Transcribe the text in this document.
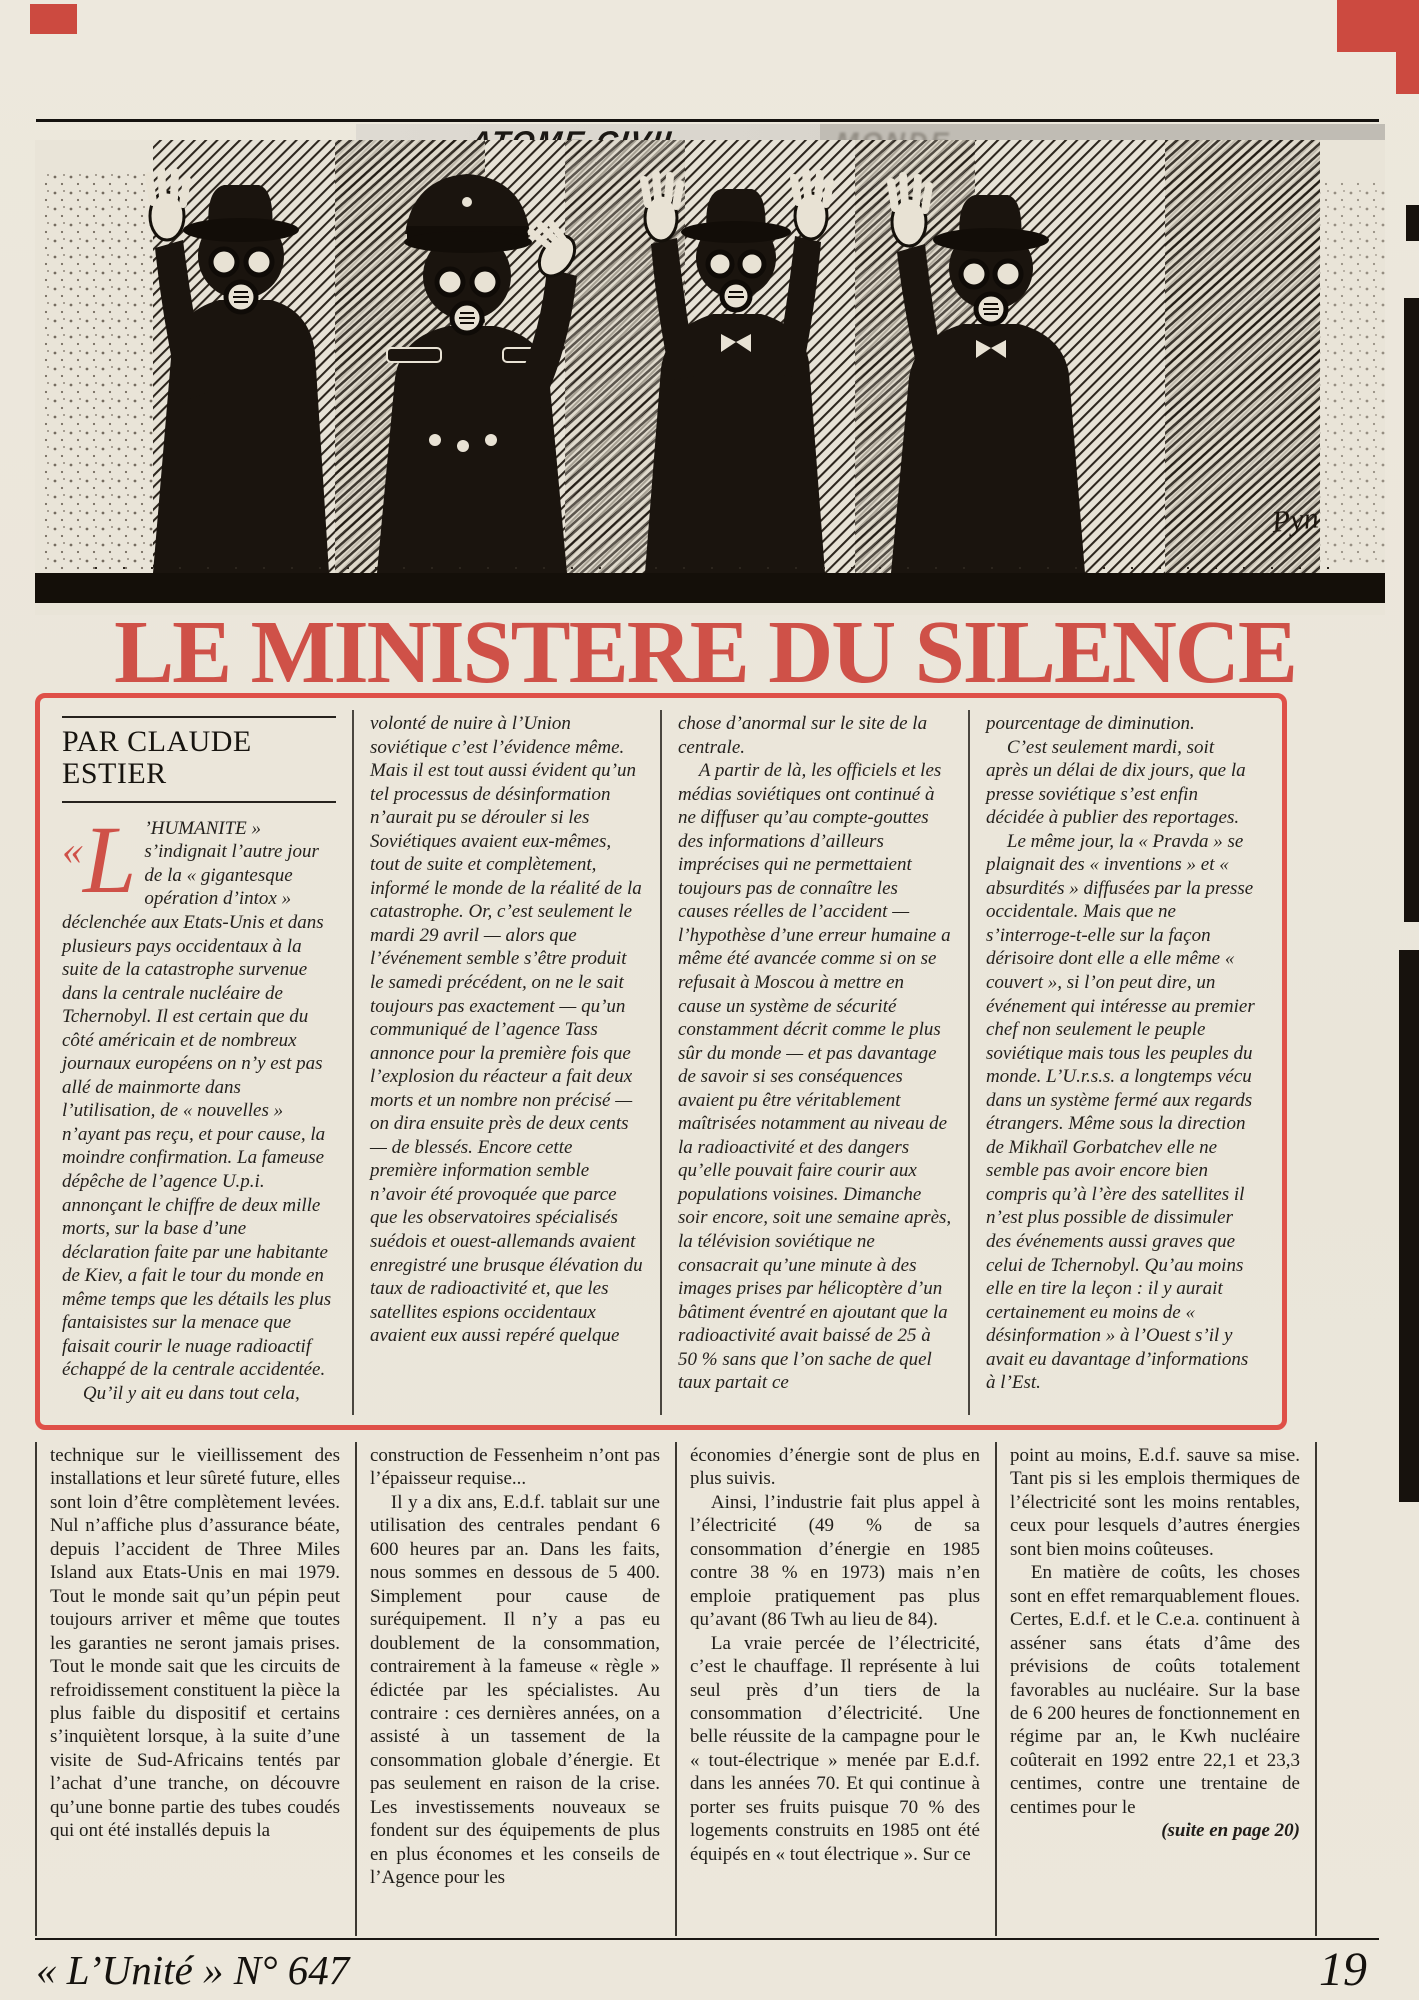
Pyn
LE MINISTERE DU SILENCE
PAR CLAUDE ESTIER

«L ’HUMANITE » s’indignait l’autre jour de la « gigantesque opération d’intox » déclenchée aux Etats-Unis et dans plusieurs pays occidentaux à la suite de la catastrophe survenue dans la centrale nucléaire de Tchernobyl. Il est certain que du côté américain et de nombreux journaux européens on n’y est pas allé de mainmorte dans l’utilisation, de « nouvelles » n’ayant pas reçu, et pour cause, la moindre confirmation. La fameuse dépêche de l’agence U.p.i. annonçant le chiffre de deux mille morts, sur la base d’une déclaration faite par une habitante de Kiev, a fait le tour du monde en même temps que les détails les plus fantaisistes sur la menace que faisait courir le nuage radioactif échappé de la centrale accidentée.

Qu’il y ait eu dans tout cela,

volonté de nuire à l’Union soviétique c’est l’évidence même. Mais il est tout aussi évident qu’un tel processus de désinformation n’aurait pu se dérouler si les Soviétiques avaient eux-mêmes, tout de suite et complètement, informé le monde de la réalité de la catastrophe. Or, c’est seulement le mardi 29 avril — alors que l’événement semble s’être produit le samedi précédent, on ne le sait toujours pas exactement — qu’un communiqué de l’agence Tass annonce pour la première fois que l’explosion du réacteur a fait deux morts et un nombre non précisé — on dira ensuite près de deux cents — de blessés. Encore cette première information semble n’avoir été provoquée que parce que les observatoires spécialisés suédois et ouest-allemands avaient enregistré une brusque élévation du taux de radioactivité et, que les satellites espions occidentaux avaient eux aussi repéré quelque

chose d’anormal sur le site de la centrale.

A partir de là, les officiels et les médias soviétiques ont continué à ne diffuser qu’au compte-gouttes des informations d’ailleurs imprécises qui ne permettaient toujours pas de connaître les causes réelles de l’accident — l’hypothèse d’une erreur humaine a même été avancée comme si on se refusait à Moscou à mettre en cause un système de sécurité constamment décrit comme le plus sûr du monde — et pas davantage de savoir si ses conséquences avaient pu être véritablement maîtrisées notamment au niveau de la radioactivité et des dangers qu’elle pouvait faire courir aux populations voisines. Dimanche soir encore, soit une semaine après, la télévision soviétique ne consacrait qu’une minute à des images prises par hélicoptère d’un bâtiment éventré en ajoutant que la radioactivité avait baissé de 25 à 50 % sans que l’on sache de quel taux partait ce

pourcentage de diminution.

C’est seulement mardi, soit après un délai de dix jours, que la presse soviétique s’est enfin décidée à publier des reportages.

Le même jour, la « Pravda » se plaignait des « inventions » et « absurdités » diffusées par la presse occidentale. Mais que ne s’interroge-t-elle sur la façon dérisoire dont elle a elle même « couvert », si l’on peut dire, un événement qui intéresse au premier chef non seulement le peuple soviétique mais tous les peuples du monde. L’U.r.s.s. a longtemps vécu dans un système fermé aux regards étrangers. Même sous la direction de Mikhaïl Gorbatchev elle ne semble pas avoir encore bien compris qu’à l’ère des satellites il n’est plus possible de dissimuler des événements aussi graves que celui de Tchernobyl. Qu’au moins elle en tire la leçon : il y aurait certainement eu moins de « désinformation » à l’Ouest s’il y avait eu davantage d’informations à l’Est.

technique sur le vieillissement des installations et leur sûreté future, elles sont loin d’être complètement levées. Nul n’affiche plus d’assurance béate, depuis l’accident de Three Miles Island aux Etats-Unis en mai 1979. Tout le monde sait qu’un pépin peut toujours arriver et même que toutes les garanties ne seront jamais prises. Tout le monde sait que les circuits de refroidissement constituent la pièce la plus faible du dispositif et certains s’inquiètent lorsque, à la suite d’une visite de Sud-Africains tentés par l’achat d’une tranche, on découvre qu’une bonne partie des tubes coudés qui ont été installés depuis la

construction de Fessenheim n’ont pas l’épaisseur requise...

Il y a dix ans, E.d.f. tablait sur une utilisation des centrales pendant 6 600 heures par an. Dans les faits, nous sommes en dessous de 5 400. Simplement pour cause de suréquipement. Il n’y a pas eu doublement de la consommation, contrairement à la fameuse « règle » édictée par les spécialistes. Au contraire : ces dernières années, on a assisté à un tassement de la consommation globale d’énergie. Et pas seulement en raison de la crise. Les investissements nouveaux se fondent sur des équipements de plus en plus économes et les conseils de l’Agence pour les

économies d’énergie sont de plus en plus suivis.

Ainsi, l’industrie fait plus appel à l’électricité (49 % de sa consommation d’énergie en 1985 contre 38 % en 1973) mais n’en emploie pratiquement pas plus qu’avant (86 Twh au lieu de 84).

La vraie percée de l’électricité, c’est le chauffage. Il représente à lui seul près d’un tiers de la consommation d’électricité. Une belle réussite de la campagne pour le « tout-électrique » menée par E.d.f. dans les années 70. Et qui continue à porter ses fruits puisque 70 % des logements construits en 1985 ont été équipés en « tout électrique ». Sur ce

point au moins, E.d.f. sauve sa mise. Tant pis si les emplois thermiques de l’électricité sont les moins rentables, ceux pour lesquels d’autres énergies sont bien moins coûteuses.

En matière de coûts, les choses sont en effet remarquablement floues. Certes, E.d.f. et le C.e.a. continuent à asséner sans états d’âme des prévisions de coûts totalement favorables au nucléaire. Sur la base de 6 200 heures de fonctionnement en régime par an, le Kwh nucléaire coûterait en 1992 entre 22,1 et 23,3 centimes, contre une trentaine de centimes pour le

(suite en page 20)

« L’Unité » N° 647	19
